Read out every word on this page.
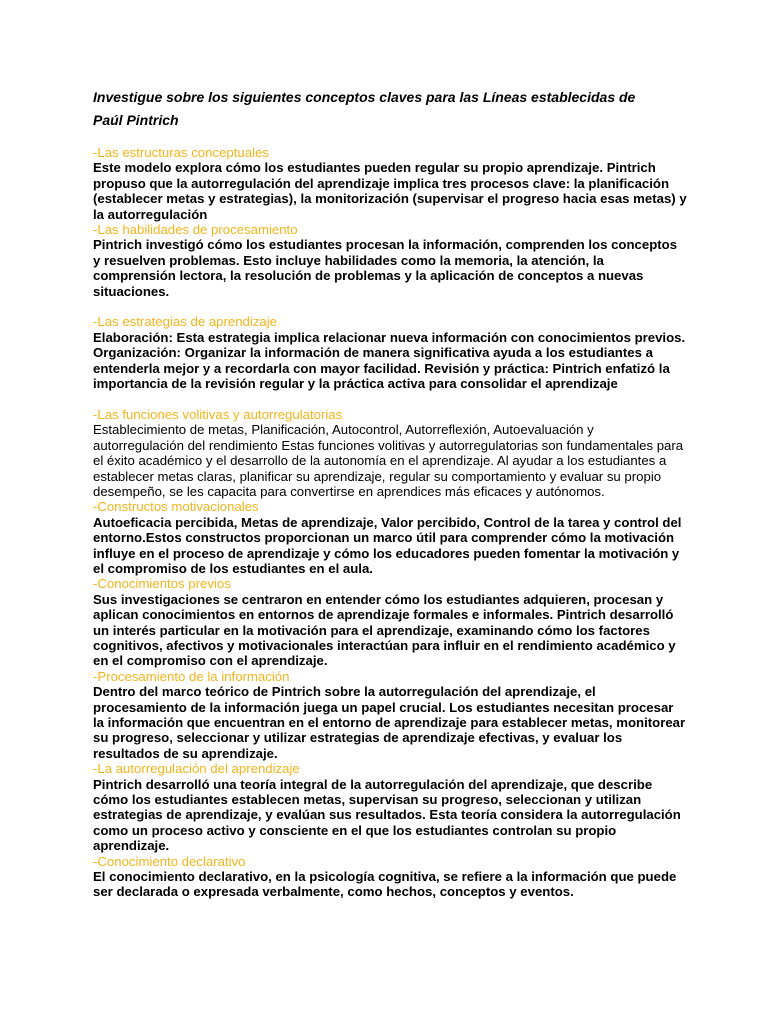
Investigue sobre los siguientes conceptos claves para las Líneas establecidas de

Paúl Pintrich

-Las estructuras conceptuales

Este modelo explora cómo los estudiantes pueden regular su propio aprendizaje. Pintrich propuso que la autorregulación del aprendizaje implica tres procesos clave: la planificación (establecer metas y estrategias), la monitorización (supervisar el progreso hacia esas metas) y la autorregulación

-Las habilidades de procesamiento

Pintrich investigó cómo los estudiantes procesan la información, comprenden los conceptos y resuelven problemas. Esto incluye habilidades como la memoria, la atención, la comprensión lectora, la resolución de problemas y la aplicación de conceptos a nuevas situaciones.

-Las estrategias de aprendizaje

Elaboración: Esta estrategia implica relacionar nueva información con conocimientos previos. Organización: Organizar la información de manera significativa ayuda a los estudiantes a entenderla mejor y a recordarla con mayor facilidad. Revisión y práctica: Pintrich enfatizó la importancia de la revisión regular y la práctica activa para consolidar el aprendizaje

-Las funciones volitivas y autorregulatorias

Establecimiento de metas, Planificación, Autocontrol, Autorreflexión, Autoevaluación y autorregulación del rendimiento Estas funciones volitivas y autorregulatorias son fundamentales para el éxito académico y el desarrollo de la autonomía en el aprendizaje. Al ayudar a los estudiantes a establecer metas claras, planificar su aprendizaje, regular su comportamiento y evaluar su propio desempeño, se les capacita para convertirse en aprendices más eficaces y autónomos.

-Constructos motivacionales

Autoeficacia percibida, Metas de aprendizaje, Valor percibido, Control de la tarea y control del entorno.Estos constructos proporcionan un marco útil para comprender cómo la motivación influye en el proceso de aprendizaje y cómo los educadores pueden fomentar la motivación y el compromiso de los estudiantes en el aula.

-Conocimientos previos

Sus investigaciones se centraron en entender cómo los estudiantes adquieren, procesan y aplican conocimientos en entornos de aprendizaje formales e informales. Pintrich desarrolló un interés particular en la motivación para el aprendizaje, examinando cómo los factores cognitivos, afectivos y motivacionales interactúan para influir en el rendimiento académico y en el compromiso con el aprendizaje.

-Procesamiento de la información

Dentro del marco teórico de Pintrich sobre la autorregulación del aprendizaje, el procesamiento de la información juega un papel crucial. Los estudiantes necesitan procesar la información que encuentran en el entorno de aprendizaje para establecer metas, monitorear su progreso, seleccionar y utilizar estrategias de aprendizaje efectivas, y evaluar los resultados de su aprendizaje.

-La autorregulación del aprendizaje

Pintrich desarrolló una teoría integral de la autorregulación del aprendizaje, que describe cómo los estudiantes establecen metas, supervisan su progreso, seleccionan y utilizan estrategias de aprendizaje, y evalúan sus resultados. Esta teoría considera la autorregulación como un proceso activo y consciente en el que los estudiantes controlan su propio aprendizaje.

-Conocimiento declarativo

El conocimiento declarativo, en la psicología cognitiva, se refiere a la información que puede ser declarada o expresada verbalmente, como hechos, conceptos y eventos.
